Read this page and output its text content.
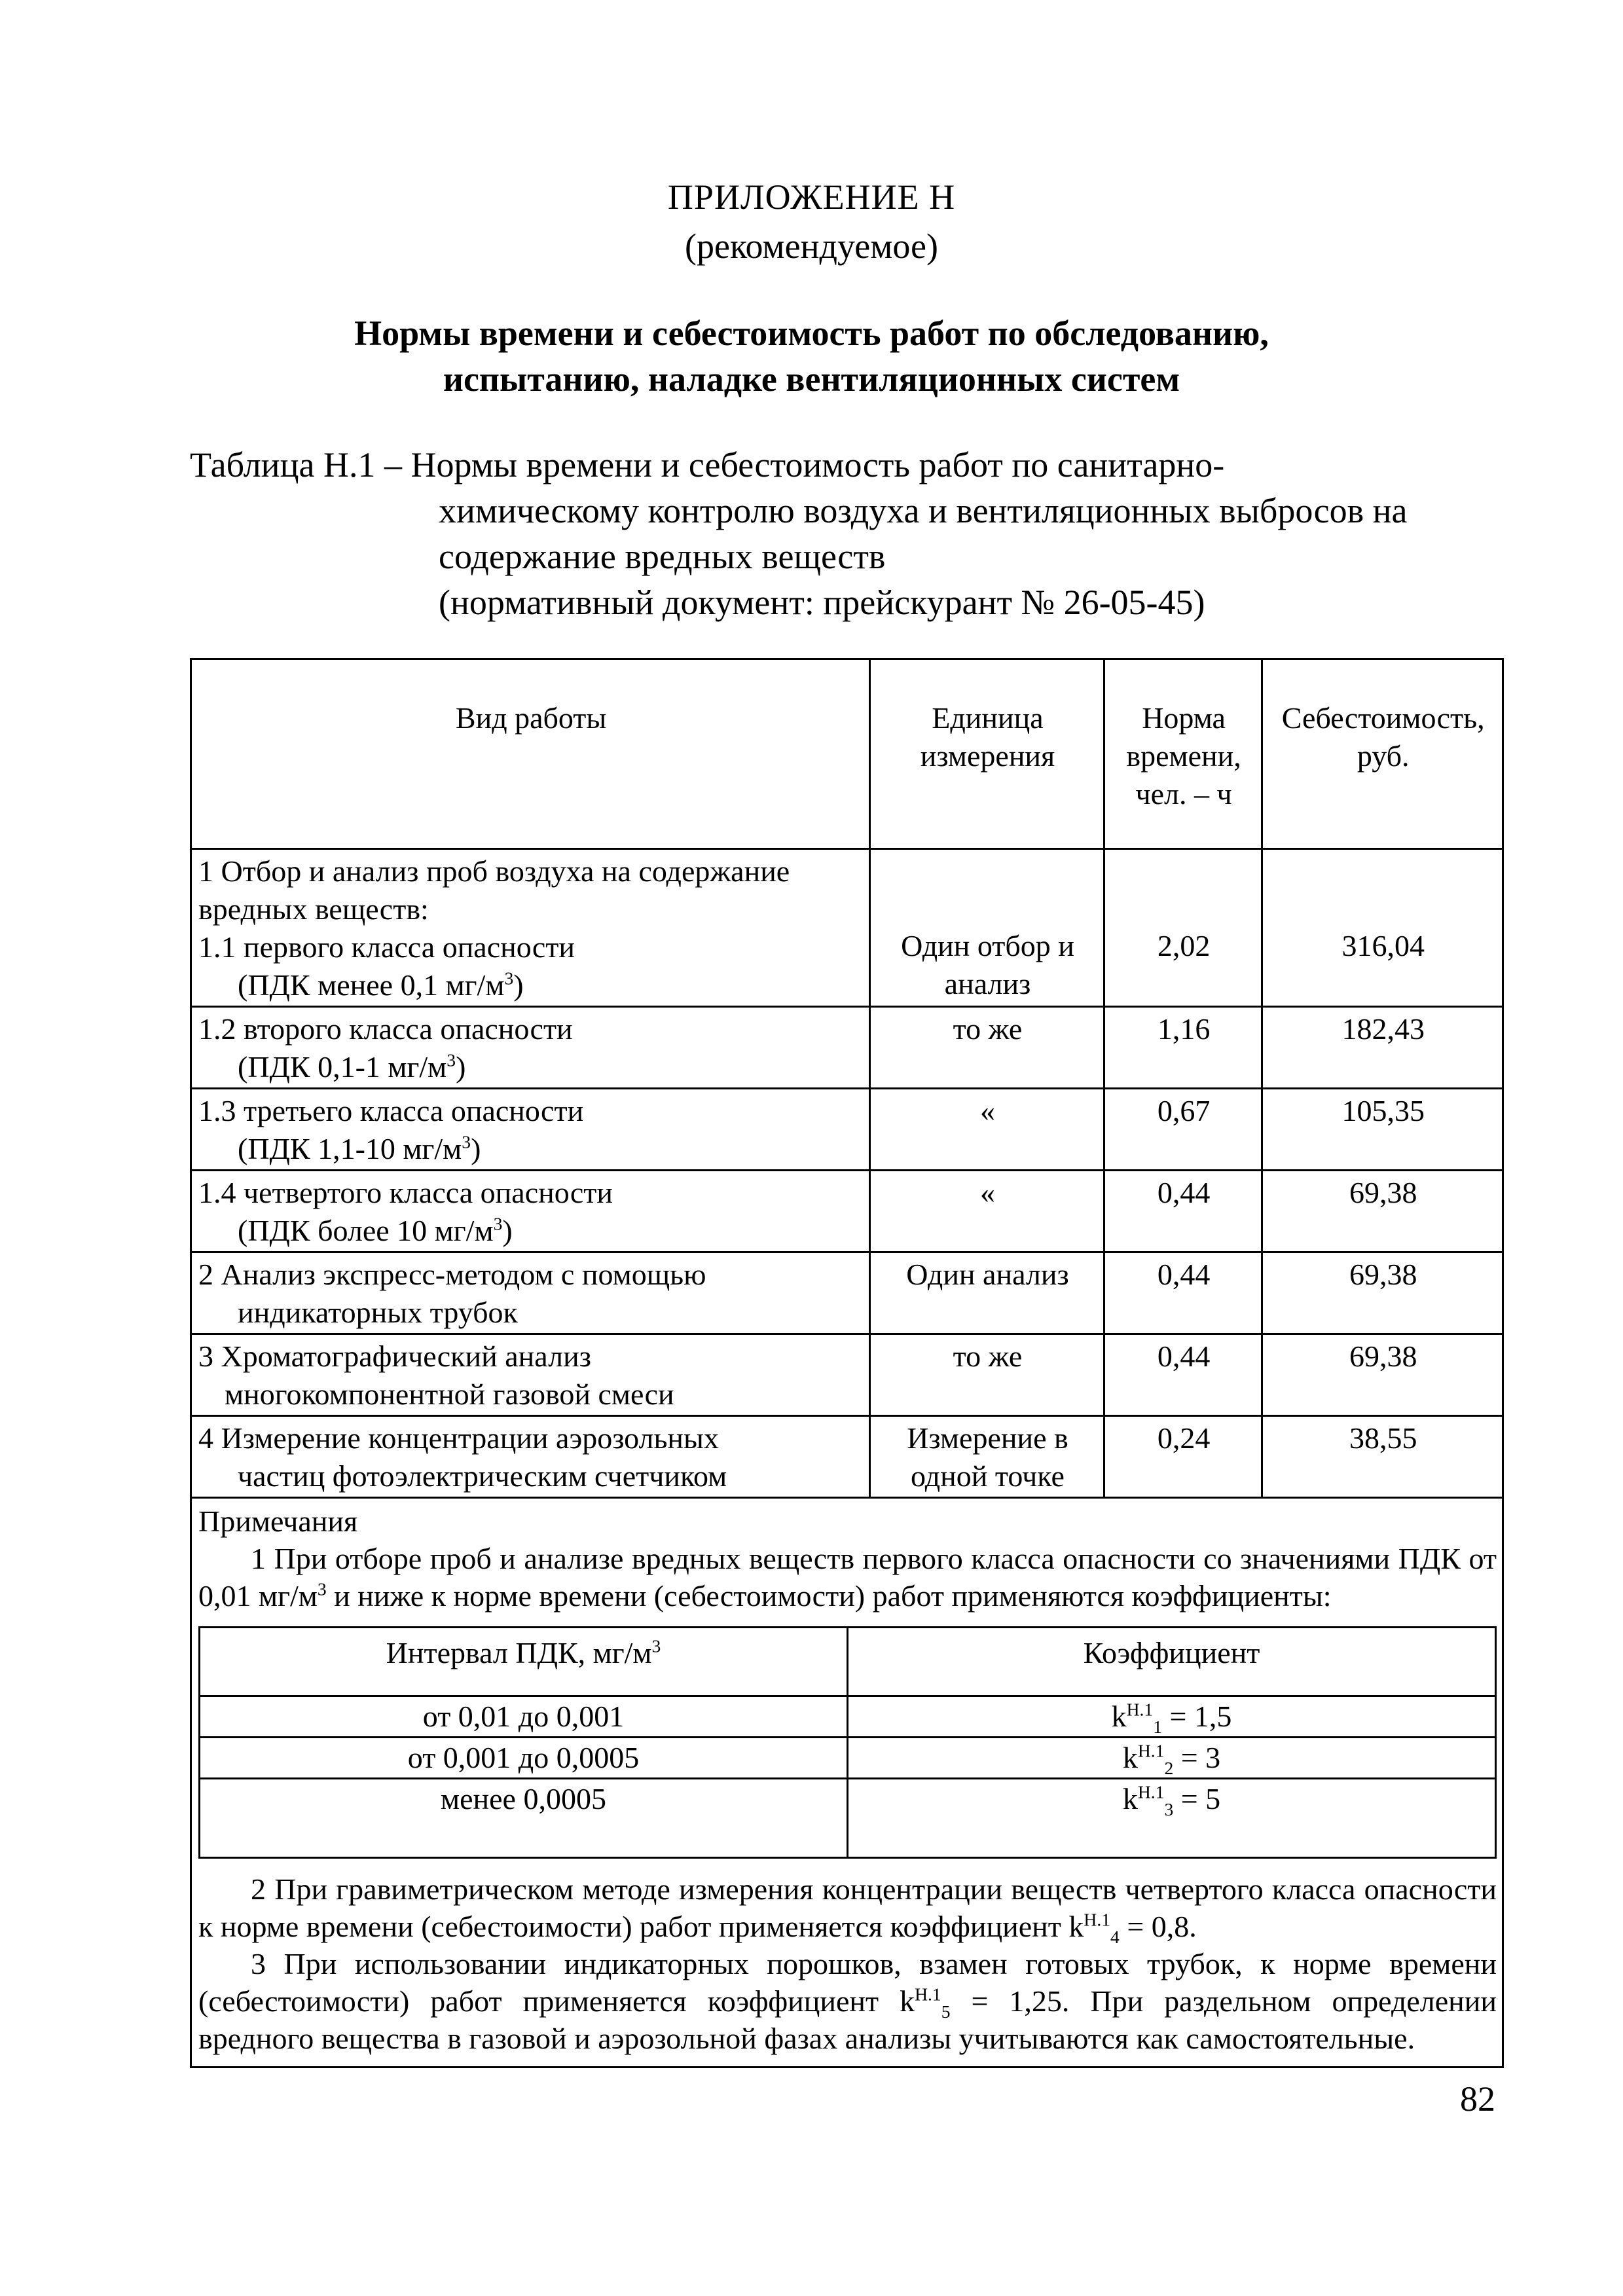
ПРИЛОЖЕНИЕ Н
(рекомендуемое)
Нормы времени и себестоимость работ по обследованию,
испытанию, наладке вентиляционных систем
Таблица Н.1 – Нормы времени и себестоимость работ по санитарно-
химическому контролю воздуха и вентиляционных выбросов на
содержание вредных веществ
(нормативный документ: прейскурант № 26-05-45)
Вид работы	Единица измерения	Норма времени, чел. – ч	Себестоимость, руб.

1 Отбор и анализ проб воздуха на содержание вредных веществ:
1.1 первого класса опасности
(ПДК менее 0,1 $мг/м^3$)
	Один отбор и анализ	2,02	316,04

1.2 второго класса опасности
(ПДК 0,1-1 $мг/м^3$)
	то же	1,16	182,43

1.3 третьего класса опасности
(ПДК 1,1-10 $мг/м^3$)
	«	0,67	105,35

1.4 четвертого класса опасности
(ПДК более 10 $мг/м^3$)
	«	0,44	69,38

2 Анализ экспресс-методом с помощью
индикаторных трубок
	Один анализ	0,44	69,38

3 Хроматографический анализ
многокомпонентной газовой смеси
	то же	0,44	69,38

4 Измерение концентрации аэрозольных
частиц фотоэлектрическим счетчиком
	Измерение в одной точке	0,24	38,55

Примечания
1 При отборе проб и анализе вредных веществ первого класса опасности со значениями ПДК от 0,01 $мг/м^3$ и ниже к норме времени (себестоимости) работ применяются коэффициенты:
Интервал ПДК, $мг/м^3$	Коэффициент
от 0,01 до 0,001	$k^{Н.1}_1 = 1,5$
от 0,001 до 0,0005	$k^{Н.1}_2 = 3$
менее 0,0005	$k^{Н.1}_3 = 5$
2 При гравиметрическом методе измерения концентрации веществ четвертого класса опасности к норме времени (себестоимости) работ применяется коэффициент $k^{Н.1}_4 = 0,8$.
3 При использовании индикаторных порошков, взамен готовых трубок, к норме времени (себестоимости) работ применяется коэффициент $k^{Н.1}_5 = 1,25$. При раздельном определении вредного вещества в газовой и аэрозольной фазах анализы учитываются как самостоятельные.
82
